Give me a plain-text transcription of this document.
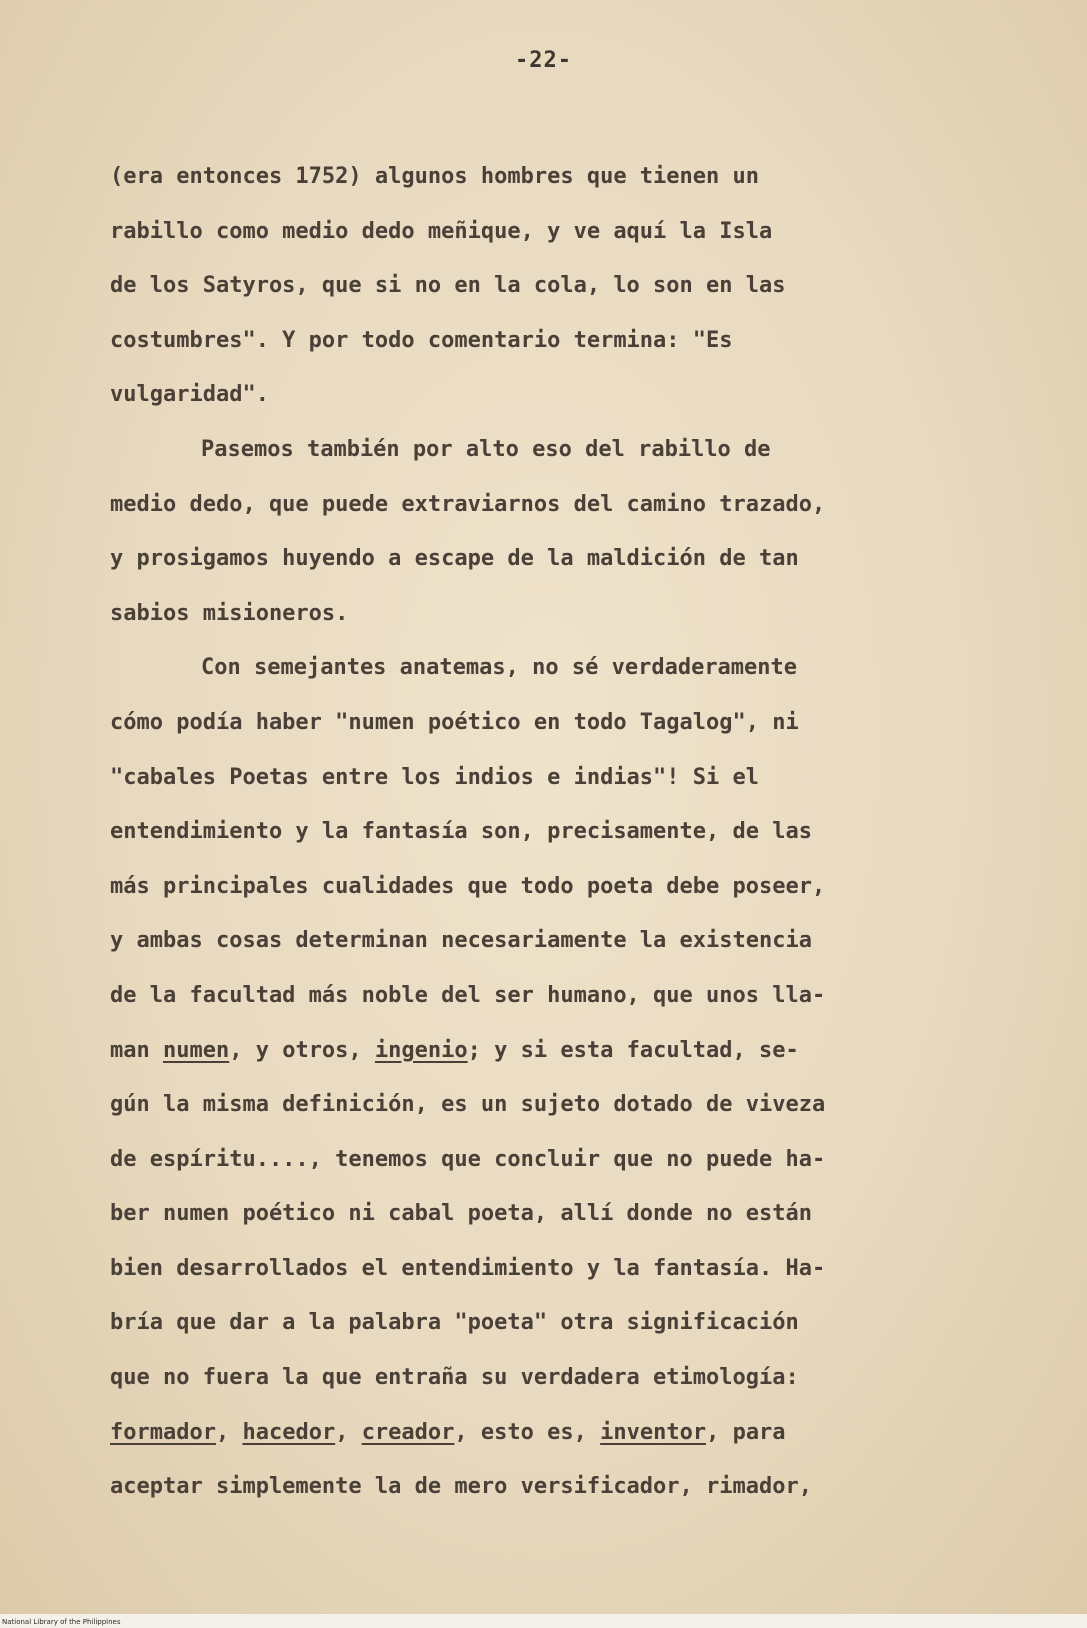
-22-
(era entonces 1752) algunos hombres que tienen un
rabillo como medio dedo meñique, y ve aquí la Isla
de los Satyros, que si no en la cola, lo son en las
costumbres". Y por todo comentario termina: "Es
vulgaridad".
Pasemos también por alto eso del rabillo de
medio dedo, que puede extraviarnos del camino trazado,
y prosigamos huyendo a escape de la maldición de tan
sabios misioneros.
Con semejantes anatemas, no sé verdaderamente
cómo podía haber "numen poético en todo Tagalog", ni
"cabales Poetas entre los indios e indias"! Si el
entendimiento y la fantasía son, precisamente, de las
más principales cualidades que todo poeta debe poseer,
y ambas cosas determinan necesariamente la existencia
de la facultad más noble del ser humano, que unos lla-
man numen, y otros, ingenio; y si esta facultad, se-
gún la misma definición, es un sujeto dotado de viveza
de espíritu...., tenemos que concluir que no puede ha-
ber numen poético ni cabal poeta, allí donde no están
bien desarrollados el entendimiento y la fantasía. Ha-
bría que dar a la palabra "poeta" otra significación
que no fuera la que entraña su verdadera etimología:
formador, hacedor, creador, esto es, inventor, para
aceptar simplemente la de mero versificador, rimador,
National Library of the Philippines
